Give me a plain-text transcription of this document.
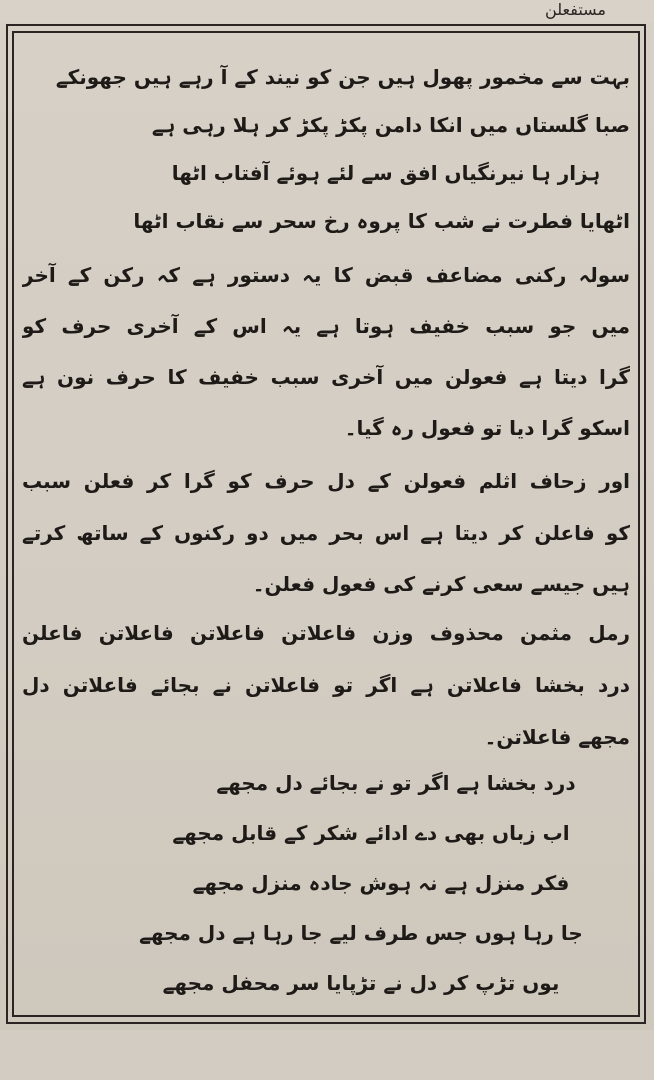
مستفعلن
بہت سے مخمور پھول ہیں جن کو نیند کے آ رہے ہیں جھونکے
صبا گلستاں میں انکا دامن پکڑ پکڑ کر ہلا رہی ہے
ہزار ہا نیرنگیاں افق سے لئے ہوئے آفتاب اٹھا
اٹھایا فطرت نے شب کا پروہ رخ سحر سے نقاب اٹھا
سولہ رکنی مضاعف قبض کا یہ دستور ہے کہ رکن کے آخر
میں جو سبب خفیف ہوتا ہے یہ اس کے آخری حرف کو
گرا دیتا ہے فعولن میں آخری سبب خفیف کا حرف نون ہے
اسکو گرا دیا تو فعول رہ گیا۔
اور زحاف اثلم فعولن کے دل حرف کو گرا کر فعلن سبب
کو فاعلن کر دیتا ہے اس بحر میں دو رکنوں کے ساتھ کرتے
ہیں جیسے سعی کرنے کی فعول فعلن۔
رمل مثمن محذوف وزن فاعلاتن فاعلاتن فاعلاتن فاعلن
درد بخشا فاعلاتن ہے اگر تو فاعلاتن نے بجائے فاعلاتن دل
مجھے فاعلاتن۔
درد بخشا ہے اگر تو نے بجائے دل مجھے
اب زباں بھی دے ادائے شکر کے قابل مجھے
فکر منزل ہے نہ ہوش جادہ منزل مجھے
جا رہا ہوں جس طرف لیے جا رہا ہے دل مجھے
یوں تڑپ کر دل نے تڑپایا سر محفل مجھے
